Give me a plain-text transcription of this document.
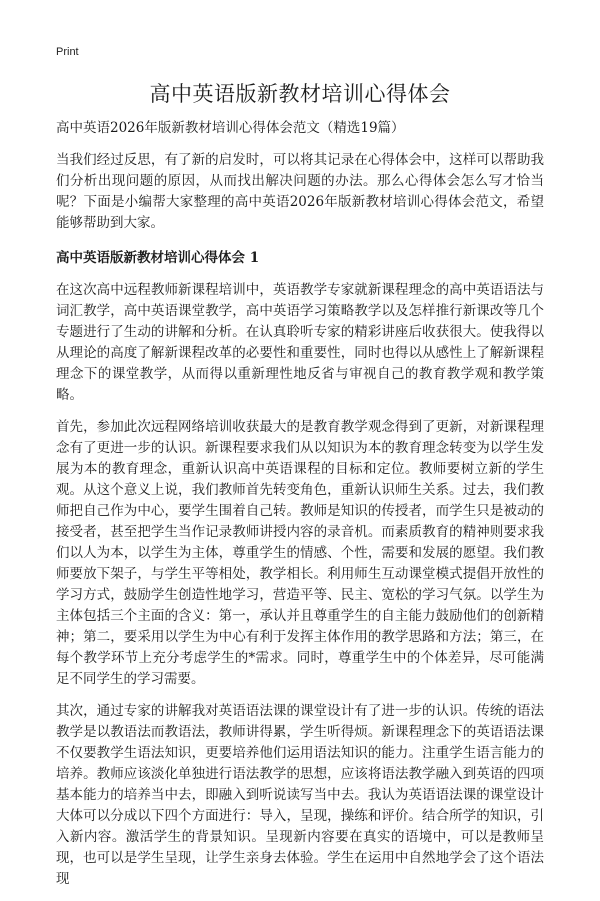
Print
高中英语版新教材培训心得体会

高中英语2026年版新教材培训心得体会范文（精选19篇）

当我们经过反思，有了新的启发时，可以将其记录在心得体会中，这样可以帮助我们分析出现问题的原因，从而找出解决问题的办法。那么心得体会怎么写才恰当呢？下面是小编帮大家整理的高中英语2026年版新教材培训心得体会范文，希望能够帮助到大家。

高中英语版新教材培训心得体会 1

在这次高中远程教师新课程培训中，英语教学专家就新课程理念的高中英语语法与词汇教学，高中英语课堂教学，高中英语学习策略教学以及怎样推行新课改等几个专题进行了生动的讲解和分析。在认真聆听专家的精彩讲座后收获很大。使我得以从理论的高度了解新课程改革的必要性和重要性，同时也得以从感性上了解新课程理念下的课堂教学，从而得以重新理性地反省与审视自己的教育教学观和教学策略。

首先，参加此次远程网络培训收获最大的是教育教学观念得到了更新，对新课程理念有了更进一步的认识。新课程要求我们从以知识为本的教育理念转变为以学生发展为本的教育理念，重新认识高中英语课程的目标和定位。教师要树立新的学生观。从这个意义上说，我们教师首先转变角色，重新认识师生关系。过去，我们教师把自己作为中心，要学生围着自己转。教师是知识的传授者，而学生只是被动的接受者，甚至把学生当作记录教师讲授内容的录音机。而素质教育的精神则要求我们以人为本，以学生为主体，尊重学生的情感、个性，需要和发展的愿望。我们教师要放下架子，与学生平等相处，教学相长。利用师生互动课堂模式提倡开放性的学习方式，鼓励学生创造性地学习，营造平等、民主、宽松的学习气氛。以学生为主体包括三个主面的含义：第一，承认并且尊重学生的自主能力鼓励他们的创新精神；第二，要采用以学生为中心有利于发挥主体作用的教学思路和方法；第三，在每个教学环节上充分考虑学生的*需求。同时，尊重学生中的个体差异，尽可能满足不同学生的学习需要。

其次，通过专家的讲解我对英语语法课的课堂设计有了进一步的认识。传统的语法教学是以教语法而教语法，教师讲得累，学生听得烦。新课程理念下的英语语法课不仅要教学生语法知识，更要培养他们运用语法知识的能力。注重学生语言能力的培养。教师应该淡化单独进行语法教学的思想，应该将语法教学融入到英语的四项基本能力的培养当中去，即融入到听说读写当中去。我认为英语语法课的课堂设计大体可以分成以下四个方面进行：导入，呈现，操练和评价。结合所学的知识，引入新内容。激活学生的背景知识。呈现新内容要在真实的语境中，可以是教师呈现，也可以是学生呈现，让学生亲身去体验。学生在运用中自然地学会了这个语法现
